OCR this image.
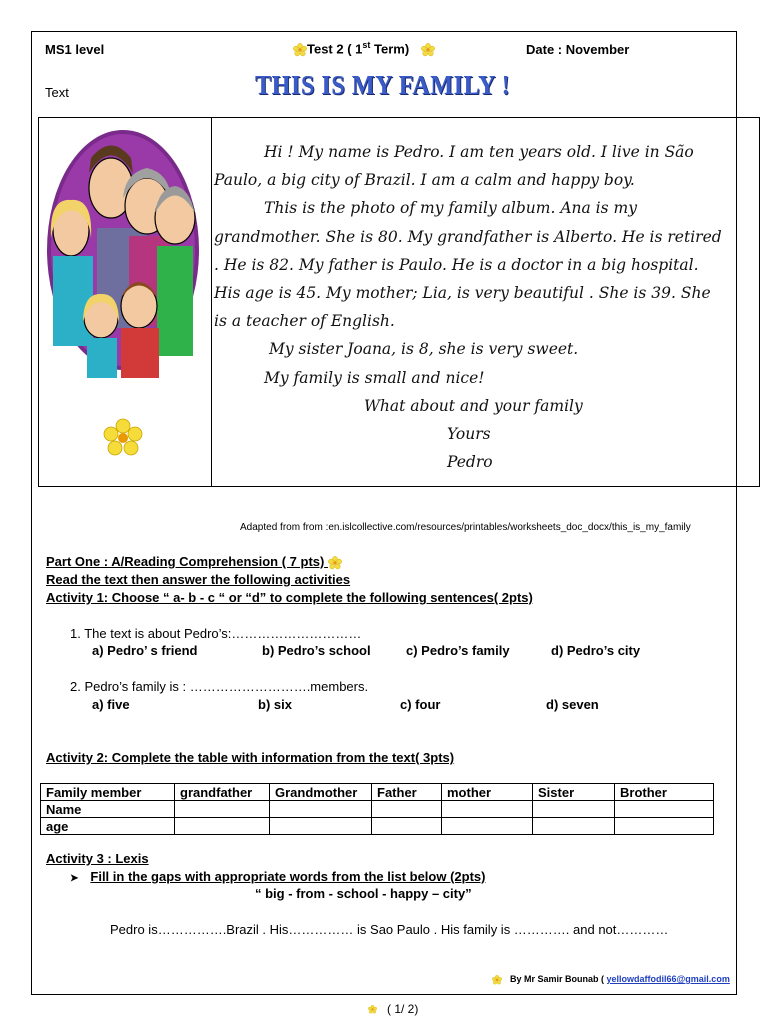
MS1 level	Test 2 ( 1st Term)	Date : November
Text	THIS IS MY FAMILY !

Hi ! My name is Pedro. I am ten years old. I live in São Paulo, a big city of Brazil. I am a calm and happy boy.

This is the photo of my family album. Ana is my grandmother. She is 80. My grandfather is Alberto. He is retired . He is 82. My father is Paulo. He is a doctor in a big hospital.

His age is 45. My mother; Lia, is very beautiful . She is 39. She is a teacher of English.

My sister Joana, is 8, she is very sweet.

My family is small and nice!

What about and your family

Yours

Pedro

Adapted from from :en.islcollective.com/resources/printables/worksheets_doc_docx/this_is_my_family
Part One : A/Reading Comprehension ( 7 pts)
Read the text then answer the following activities
Activity 1: Choose “ a- b - c “ or “d” to complete the following sentences( 2pts)
1. The text is about Pedro’s:…………………………
a) Pedro’ s friend	b) Pedro’s school	c) Pedro’s family	d) Pedro’s city
2. Pedro’s family is : ……………………….members.
a) five	b) six	c) four	d) seven
Activity 2: Complete the table with information from the text( 3pts)
Family member	grandfather	Grandmother	Father	mother	Sister	Brother
Name						
age						
Activity 3 : Lexis
➤ Fill in the gaps with appropriate words from the list below (2pts)
“ big - from - school - happy – city”
Pedro is…………….Brazil . His…………… is Sao Paulo . His family is …………. and not…………
By Mr Samir Bounab ( yellowdaffodil66@gmail.com
( 1/ 2)
